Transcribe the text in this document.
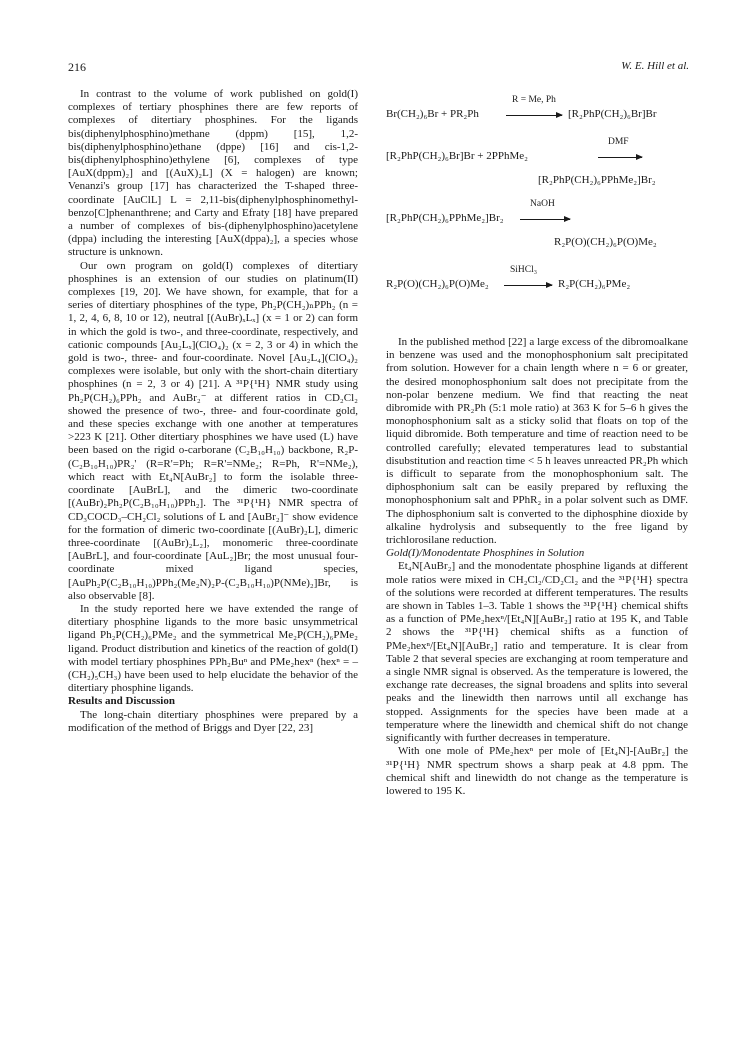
216	W. E. Hill et al.

In contrast to the volume of work published on gold(I) complexes of tertiary phosphines there are few reports of complexes of ditertiary phosphines. For the ligands bis(diphenylphosphino)methane (dppm) [15], 1,2-bis(diphenylphosphino)ethane (dppe) [16] and cis-1,2-bis(diphenylphosphino)ethylene [6], complexes of type [AuX(dppm)₂] and [(AuX)₂L] (X = halogen) are known; Venanzi's group [17] has characterized the T-shaped three-coordinate [AuClL] L = 2,11-bis(diphenylphosphinomethyl-benzo[C]phenanthrene; and Carty and Efraty [18] have prepared a number of complexes of bis-(diphenylphosphino)acetylene (dppa) including the interesting [AuX(dppa)₂], a species whose structure is unknown.

Our own program on gold(I) complexes of ditertiary phosphines is an extension of our studies on platinum(II) complexes [19, 20]. We have shown, for example, that for a series of ditertiary phosphines of the type, Ph₂P(CH₂)ₙPPh₂ (n = 1, 2, 4, 6, 8, 10 or 12), neutral [(AuBr)ₓLₓ] (x = 1 or 2) can form in which the gold is two-, and three-coordinate, respectively, and cationic compounds [Au₂Lₓ](ClO₄)₂ (x = 2, 3 or 4) in which the gold is two-, three- and four-coordinate. Novel [Au₂L₄](ClO₄)₂ complexes were isolable, but only with the short-chain ditertiary phosphines (n = 2, 3 or 4) [21]. A ³¹P{¹H} NMR study using Ph₂P(CH₂)₆PPh₂ and AuBr₂⁻ at different ratios in CD₂Cl₂ showed the presence of two-, three- and four-coordinate gold, and these species exchange with one another at temperatures >223 K [21]. Other ditertiary phosphines we have used (L) have been based on the rigid o-carborane (C₂B₁₀H₁₀) backbone, R₂P-(C₂B₁₀H₁₀)PR₂' (R=R'=Ph; R=R'=NMe₂; R=Ph, R'=NMe₂), which react with Et₄N[AuBr₂] to form the isolable three-coordinate [AuBrL], and the dimeric two-coordinate [(AuBr)₂Ph₂P(C₂B₁₀H₁₀)PPh₂]. The ³¹P{¹H} NMR spectra of CD₃COCD₃–CH₂Cl₂ solutions of L and [AuBr₂]⁻ show evidence for the formation of dimeric two-coordinate [(AuBr)₂L], dimeric three-coordinate [(AuBr)₂L₂], monomeric three-coordinate [AuBrL], and four-coordinate [AuL₂]Br; the most unusual four-coordinate mixed ligand species, [AuPh₂P(C₂B₁₀H₁₀)PPh₂(Me₂N)₂P-(C₂B₁₀H₁₀)P(NMe)₂]Br, is also observable [8].

In the study reported here we have extended the range of ditertiary phosphine ligands to the more basic unsymmetrical ligand Ph₂P(CH₂)₆PMe₂ and the symmetrical Me₂P(CH₂)₆PMe₂ ligand. Product distribution and kinetics of the reaction of gold(I) with model tertiary phosphines PPh₂Buⁿ and PMe₂hexⁿ (hexⁿ = –(CH₂)₅CH₃) have been used to help elucidate the behavior of the ditertiary phosphine ligands.

Results and Discussion

The long-chain ditertiary phosphines were prepared by a modification of the method of Briggs and Dyer [22, 23]

Br(CH₂)₆Br + PR₂Ph
R = Me, Ph
[R₂PhP(CH₂)₆Br]Br
[R₂PhP(CH₂)₆Br]Br + 2PPhMe₂
DMF
[R₂PhP(CH₂)₆PPhMe₂]Br₂
[R₂PhP(CH₂)₆PPhMe₂]Br₂
NaOH
R₂P(O)(CH₂)₆P(O)Me₂
R₂P(O)(CH₂)₆P(O)Me₂
SiHCl₃
R₂P(CH₂)₆PMe₂

In the published method [22] a large excess of the dibromoalkane in benzene was used and the monophosphonium salt precipitated from solution. However for a chain length where n = 6 or greater, the desired monophosphonium salt does not precipitate from the non-polar benzene medium. We find that reacting the neat dibromide with PR₂Ph (5:1 mole ratio) at 363 K for 5–6 h gives the monophosphonium salt as a sticky solid that floats on top of the liquid dibromide. Both temperature and time of reaction need to be controlled carefully; elevated temperatures lead to substantial disubstitution and reaction time < 5 h leaves unreacted PR₂Ph which is difficult to separate from the monophosphonium salt. The diphosphonium salt can be easily prepared by refluxing the monophosphonium salt and PPhR₂ in a polar solvent such as DMF. The diphosphonium salt is converted to the diphosphine dioxide by alkaline hydrolysis and subsequently to the free ligand by trichlorosilane reduction.

Gold(I)/Monodentate Phosphines in Solution

Et₄N[AuBr₂] and the monodentate phosphine ligands at different mole ratios were mixed in CH₂Cl₂/CD₂Cl₂ and the ³¹P{¹H} spectra of the solutions were recorded at different temperatures. The results are shown in Tables 1–3. Table 1 shows the ³¹P{¹H} chemical shifts as a function of PMe₂hexⁿ/[Et₄N][AuBr₂] ratio at 195 K, and Table 2 shows the ³¹P{¹H} chemical shifts as a function of PMe₂hexⁿ/[Et₄N][AuBr₂] ratio and temperature. It is clear from Table 2 that several species are exchanging at room temperature and a single NMR signal is observed. As the temperature is lowered, the exchange rate decreases, the signal broadens and splits into several peaks and the linewidth then narrows until all exchange has stopped. Assignments for the species have been made at a temperature where the linewidth and chemical shift do not change significantly with further decreases in temperature.

With one mole of PMe₂hexⁿ per mole of [Et₄N]-[AuBr₂] the ³¹P{¹H} NMR spectrum shows a sharp peak at 4.8 ppm. The chemical shift and linewidth do not change as the temperature is lowered to 195 K.
